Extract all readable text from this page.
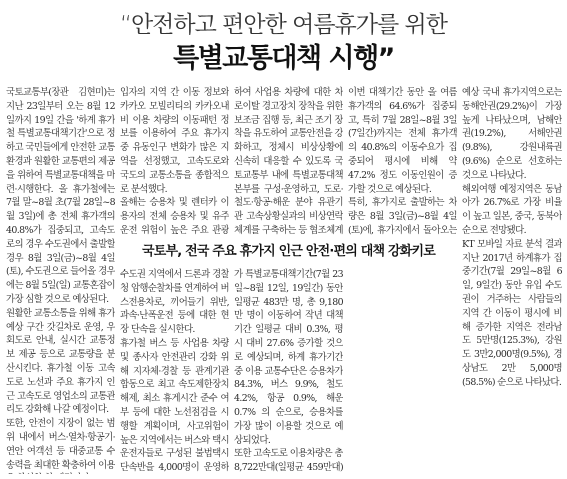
“안전하고 편안한 여름휴가를 위한
특별교통대책 시행”

국토교통부(장관 김현미)는 지난 23일부터 오는 8월 12일까지 19일 간을 '하계 휴가철 특별교통대책기간'으로 정하고 국민들에게 안전한 교통 환경과 원활한 교통편의 제공을 위하여 특별교통대책을 마련·시행한다. 올 휴가철에는 7월 말~8월 초(7월 28일~8월 3일)에 총 전체 휴가객의 40.8%가 집중되고, 고속도로의 경우 수도권에서 출발할 경우 8월 3일(금)~8월 4일(토), 수도권으로 들어올 경우에는 8월 5일(일) 교통혼잡이 가장 심할 것으로 예상된다.

원활한 교통소통을 위해 휴가 예상 구간 갓길차로 운영, 우회도로 안내, 실시간 교통정보 제공 등으로 교통량을 분산시킨다. 휴가철 이동 고속도로 노선과 주요 휴가지 인근 고속도로 영업소의 교통관리도 강화해 나갈 예정이다.

또한, 안전이 지장이 없는 범위 내에서 버스·열차·항공기·연안 여객선 등 대중교통 수송력을 최대한 확충하여 이용

입자의 지역 간 이동 정보와 카카오 모빌리티의 카카오내비 이용 차량의 이동패턴 정보를 이용하여 주요 휴가지 중 유동인구 변화가 많은 지역을 선정했고, 고속도로와 국도의 교통소통을 종합적으로 분석했다.

올해는 승용차 및 렌터카 이용자의 전체 승용차 및 유주운전 위험이 높은 주요 관광

하여 사업용 차량에 대한 차로이탈 경고장치 장착을 위한 보조금 집행 등, 최근 조기 장착을 유도하여 교통안전을 강화하고, 정체시 비상상황에 신속히 대응할 수 있도록 국토교통부 내에 특별교통대책본부를 구성·운영하고, 도로·철도·항공·해운 분야 유관기관 고속상황실과의 비상연락체계를 구축하는 등 협조체계

이번 대책기간 동안 올 여름휴가객의 64.6%가 집중되고, 특히 7월 28일~8월 3일(7일간)까지는 전체 휴가객의 40.8%의 이동수요가 집중되어 평시에 비해 약 47.2% 정도 이동인원이 증가할 것으로 예상된다.

특히, 휴가지로 출발하는 차량은 8월 3일(금)~8월 4일(토)에, 휴가지에서 돌아오는

예상 국내 휴가지역으로는 동해안권(29.2%)이 가장 높게 나타났으며, 남해안권(19.2%), 서해안권(9.8%), 강원내륙권(9.6%) 순으로 선호하는 것으로 나타났다.

해외여행 예정지역은 동남아가 26.7%로 가장 비율이 높고 일본, 중국, 동북아 순으로 전망됐다.

KT 모바일 자료 분석 결과 지난 2017년 하계휴가 집중기간(7월 29일~8월 6일, 9일간) 동안 유입 수도권이 거주하는 사람들의 지역 간 이동이 평시에 비해 증가한 지역은 전라남도 5만명(125.3%), 강원도 3만2,000명(9.5%), 경상남도 2만 5,000명(58.5%) 순으로 나타났다.

국토부, 전국 주요 휴가지 인근 안전·편의 대책 강화키로

수도권 지역에서 드론과 경찰청 암행순찰차를 연계하여 버스전용차로, 끼어들기 위반, 과속·난폭운전 등에 대한 현장 단속을 실시한다.

휴가철 버스 등 사업용 차량 및 종사자 안전관리 강화 위해 지자체·경찰 등 관계기관 합동으로 최고 속도제한장치 해제, 최소 휴게시간 준수 여부 등에 대한 노선점검을 시행할 계획이며, 사고위험이 높은 지역에서는 버스와 택시 운전자들로 구성된 불법택시 단속반을 4,000명이 운영하

가 특별교통대책기간(7월 23일~8월 12일, 19일간) 동안 일평균 483만 명, 총 9,180만 명이 이동하여 작년 대책기간 일평균 대비 0.3%, 평시 대비 27.6% 증가할 것으로 예상되며, 하계 휴가기간 중 이용 교통수단은 승용차가 84.3%, 버스 9.9%, 철도 4.2%, 항공 0.9%, 해운 0.7% 의 순으로, 승용차를 가장 많이 이용할 것으로 예상되었다.

또한 고속도로 이용차량은 총 8,722만대(일평균 459만대)
